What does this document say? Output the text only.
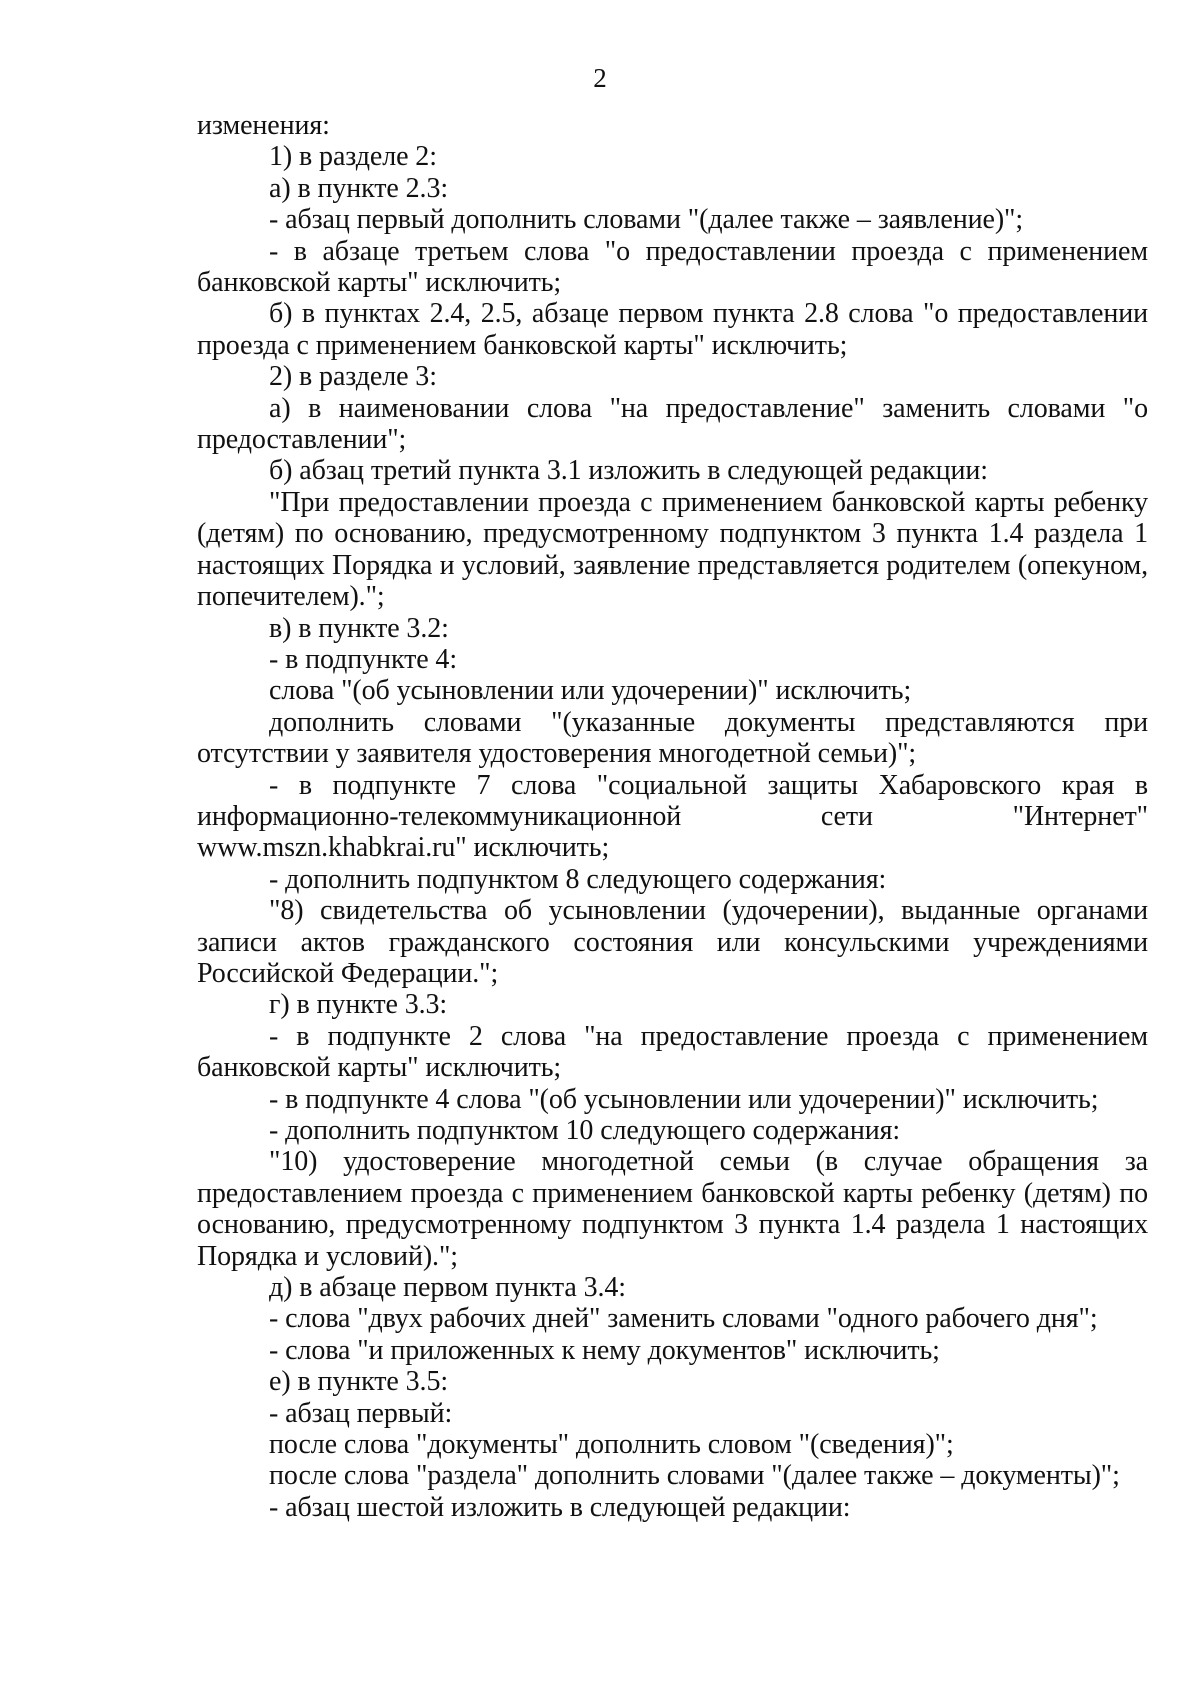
2

изменения:

1) в разделе 2:

а) в пункте 2.3:

- абзац первый дополнить словами "(далее также – заявление)";

- в абзаце третьем слова "о предоставлении проезда с применением банковской карты" исключить;

б) в пунктах 2.4, 2.5, абзаце первом пункта 2.8 слова "о предоставлении проезда с применением банковской карты" исключить;

2) в разделе 3:

а) в наименовании слова "на предоставление" заменить словами "о предоставлении";

б) абзац третий пункта 3.1 изложить в следующей редакции:

"При предоставлении проезда с применением банковской карты ребенку (детям) по основанию, предусмотренному подпунктом 3 пункта 1.4 раздела 1 настоящих Порядка и условий, заявление представляется родителем (опекуном, попечителем).";

в) в пункте 3.2:

- в подпункте 4:

слова "(об усыновлении или удочерении)" исключить;

дополнить словами "(указанные документы представляются при отсутствии у заявителя удостоверения многодетной семьи)";

- в подпункте 7 слова "социальной защиты Хабаровского края в информационно-телекоммуникационной сети "Интернет" www.mszn.khabkrai.ru" исключить;

- дополнить подпунктом 8 следующего содержания:

"8) свидетельства об усыновлении (удочерении), выданные органами записи актов гражданского состояния или консульскими учреждениями Российской Федерации.";

г) в пункте 3.3:

- в подпункте 2 слова "на предоставление проезда с применением банковской карты" исключить;

- в подпункте 4 слова "(об усыновлении или удочерении)" исключить;

- дополнить подпунктом 10 следующего содержания:

"10) удостоверение многодетной семьи (в случае обращения за предоставлением проезда с применением банковской карты ребенку (детям) по основанию, предусмотренному подпунктом 3 пункта 1.4 раздела 1 настоящих Порядка и условий).";

д) в абзаце первом пункта 3.4:

- слова "двух рабочих дней" заменить словами "одного рабочего дня";

- слова "и приложенных к нему документов" исключить;

е) в пункте 3.5:

- абзац первый:

после слова "документы" дополнить словом "(сведения)";

после слова "раздела" дополнить словами "(далее также – документы)";

- абзац шестой изложить в следующей редакции:
